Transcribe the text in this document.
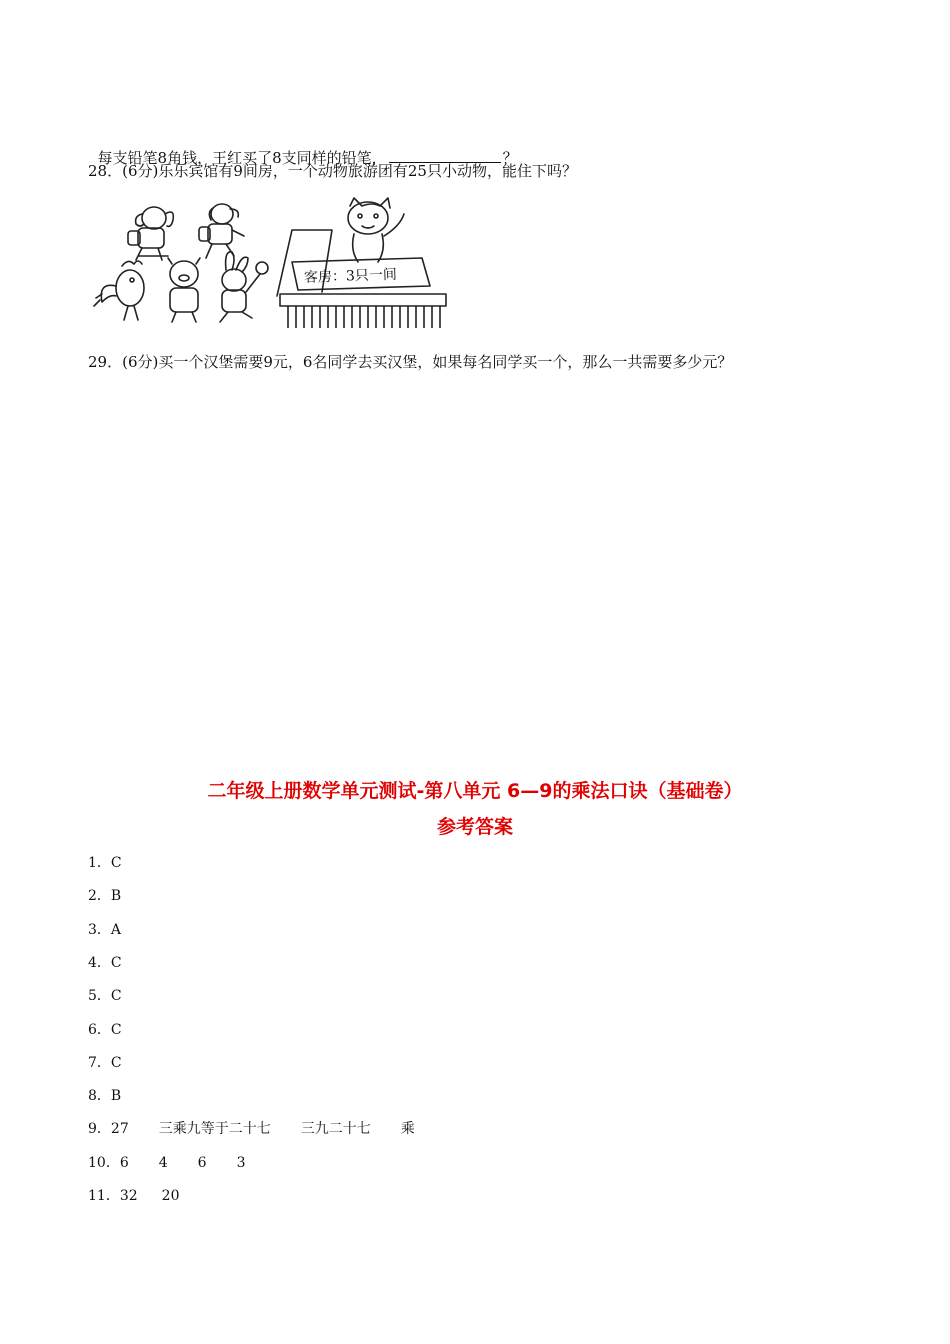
每支铅笔8角钱，王红买了8支同样的铅笔，	？

28．(6分)乐乐宾馆有9间房，一个动物旅游团有25只小动物，能住下吗？
客房：3只一间
29．(6分)买一个汉堡需要9元，6名同学去买汉堡，如果每名同学买一个，那么一共需要多少元？
二年级上册数学单元测试-第八单元 6—9的乘法口诀（基础卷）
参考答案
1．C
2．B
3．A
4．C
5．C
6．C
7．C
8．B
9．27 三乘九等于二十七 三九二十七 乘
10．6 4 6 3
11．32 20
